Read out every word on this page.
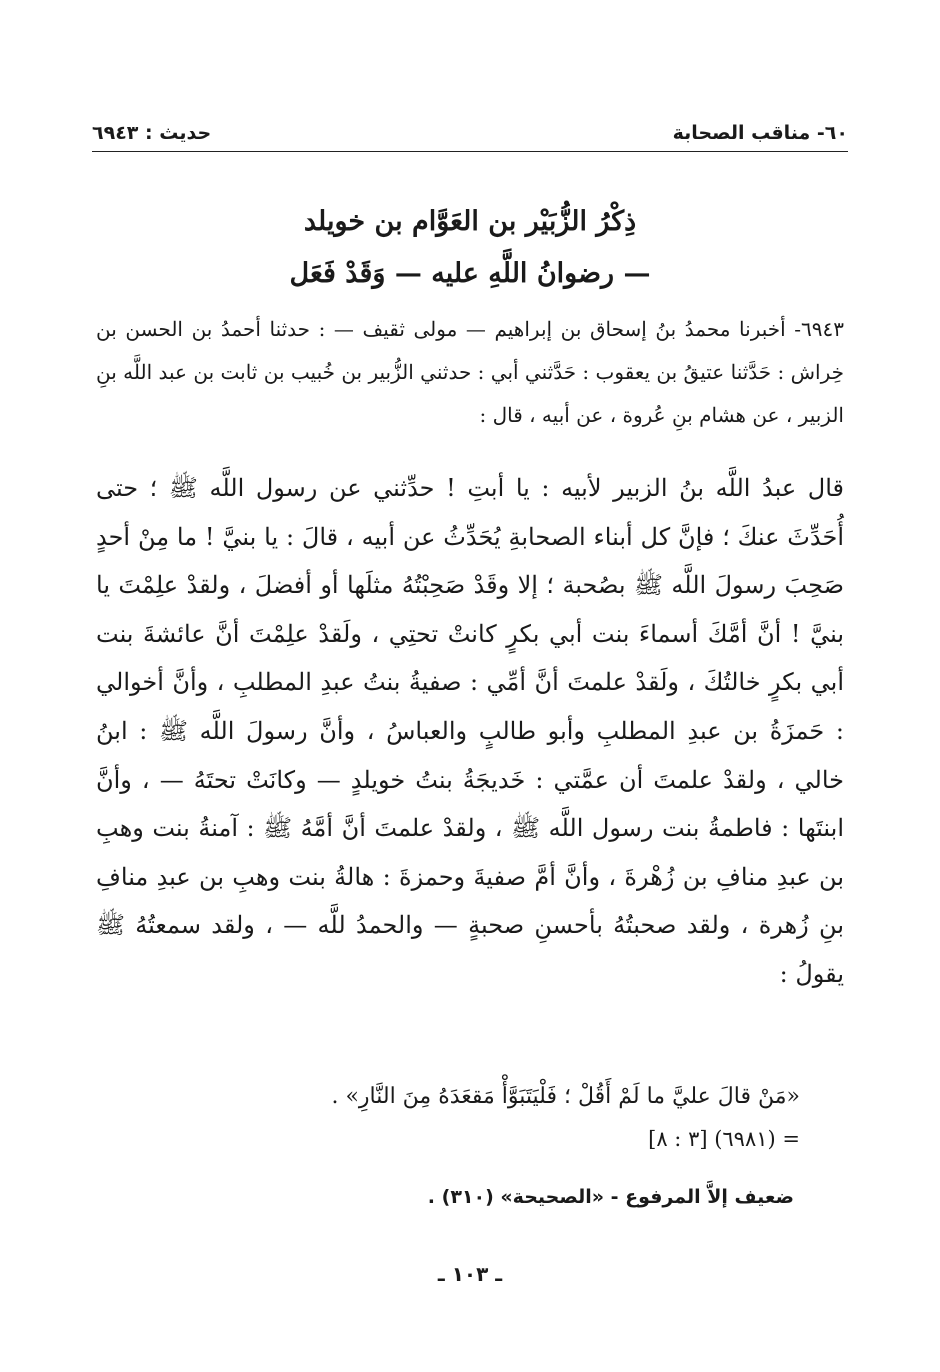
٦٠- مناقب الصحابة
حديث : ٦٩٤٣
ذِكْرُ الزُّبَيْر بن العَوَّام بن خويلد
— رضوانُ اللَّهِ عليه — وَقَدْ فَعَل
٦٩٤٣- أخبرنا محمدُ بنُ إسحاق بن إبراهيم — مولى ثقيف — : حدثنا أحمدُ بن الحسن بن خِراش : حَدَّثنا عتيقُ بن يعقوب : حَدَّثني أبي : حدثني الزُّبير بن خُبيب بن ثابت بن عبد اللَّه بنِ الزبير ، عن هشام بنِ عُروة ، عن أبيه ، قال :
قال عبدُ اللَّه بنُ الزبير لأبيه : يا أبتِ ! حدِّثني عن رسول اللَّه ﷺ ؛ حتى أُحَدِّثَ عنكَ ؛ فإنَّ كل أبناء الصحابةِ يُحَدِّثُ عن أبيه ، قالَ : يا بنيَّ ! ما مِنْ أحدٍ صَحِبَ رسولَ اللَّه ﷺ بصُحبة ؛ إلا وقَدْ صَحِبْتُهُ مثلَها أو أفضلَ ، ولقدْ علِمْتَ يا بنيَّ ! أنَّ أمَّكَ أسماءَ بنت أبي بكرٍ كانتْ تحتِي ، ولَقدْ علِمْتَ أنَّ عائشةَ بنت أبي بكرٍ خالتُكَ ، ولَقدْ علمتَ أنَّ أمِّي : صفيةُ بنتُ عبدِ المطلبِ ، وأنَّ أخوالي : حَمزَةُ بن عبدِ المطلبِ وأبو طالبٍ والعباسُ ، وأنَّ رسولَ اللَّه ﷺ : ابنُ خالي ، ولقدْ علمتَ أن عمَّتي : خَديجَةُ بنتُ خويلدٍ — وكانَتْ تحتَهُ — ، وأنَّ ابنتَها : فاطمةُ بنت رسول اللَّه ﷺ ، ولقدْ علمتَ أنَّ أمَّهُ ﷺ : آمنةُ بنت وهبِ بن عبدِ منافِ بن زُهْرةَ ، وأنَّ أمَّ صفيةَ وحمزةَ : هالةُ بنت وهبِ بن عبدِ منافِ بنِ زُهرة ، ولقد صحبتُهُ بأحسنِ صحبةٍ — والحمدُ للَّه — ، ولقد سمعتُهُ ﷺ يقولُ :
«مَنْ قالَ عليَّ ما لَمْ أَقُلْ ؛ فَلْيَتَبَوَّأْ مَقعَدَهُ مِنَ النَّارِ» .
= (٦٩٨١) [٣ : ٨]
ضعيف إلاَّ المرفوع - «الصحيحة» (٣١٠) .
ـ ١٠٣ ـ
